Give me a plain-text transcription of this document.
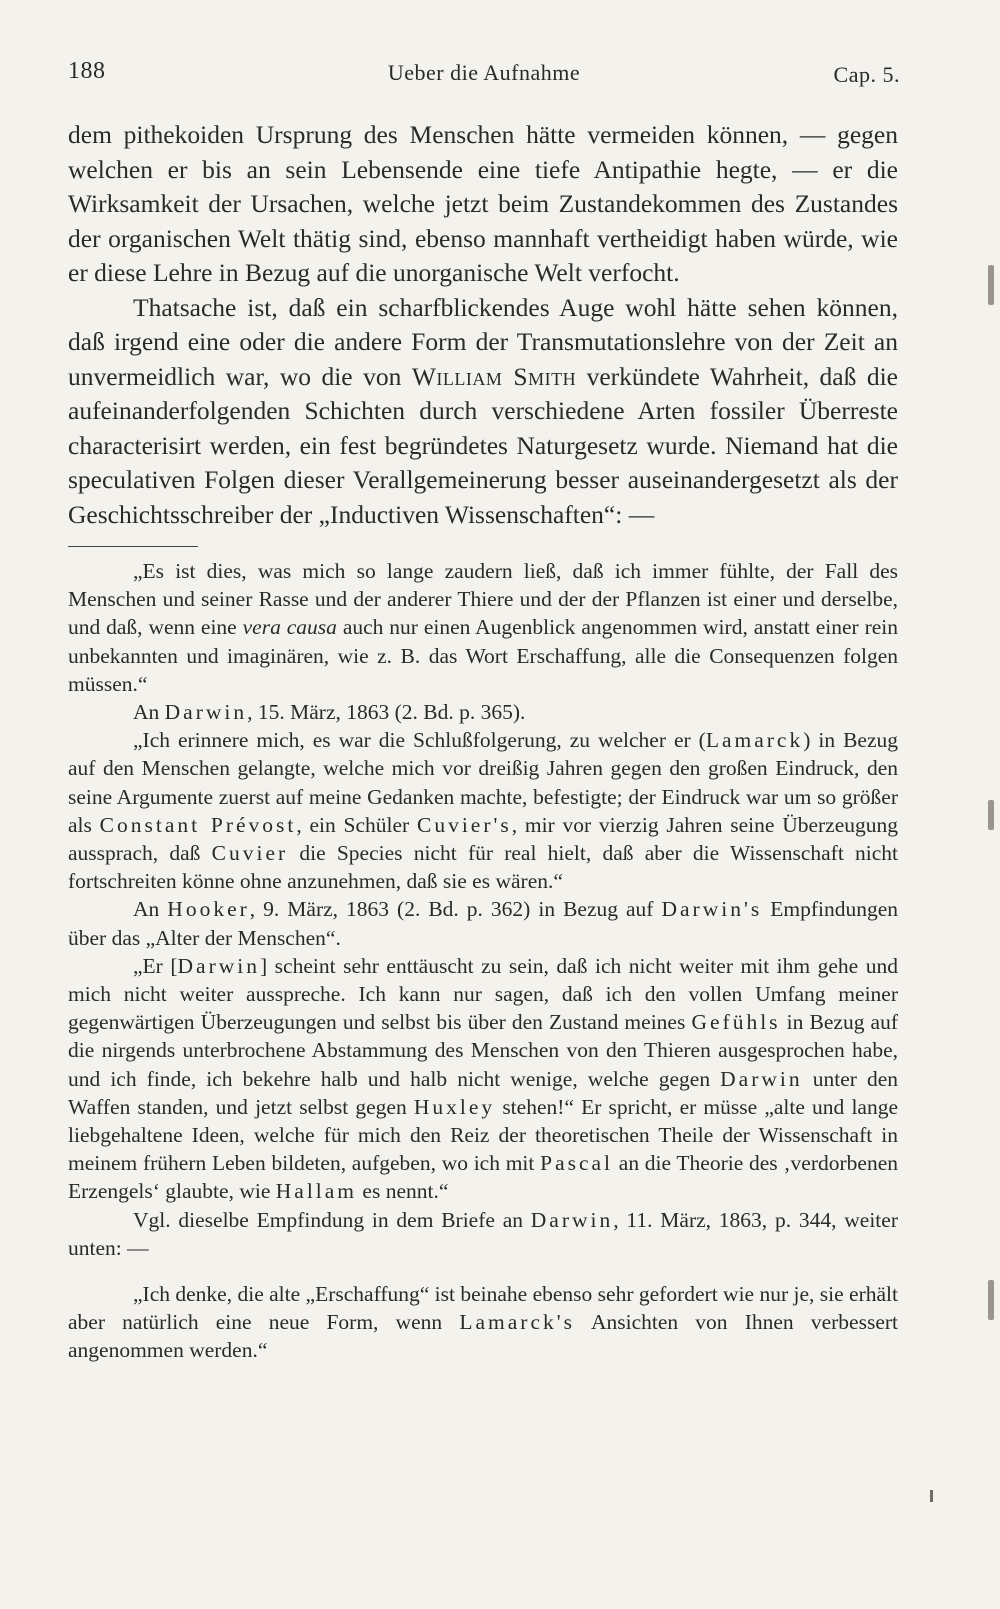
188	Ueber die Aufnahme	Cap. 5.

dem pithekoiden Ursprung des Menschen hätte vermeiden können, — gegen welchen er bis an sein Lebensende eine tiefe Antipathie hegte, — er die Wirksamkeit der Ursachen, welche jetzt beim Zustandekommen des Zustandes der organischen Welt thätig sind, ebenso mannhaft vertheidigt haben würde, wie er diese Lehre in Bezug auf die unorganische Welt verfocht.

Thatsache ist, daß ein scharfblickendes Auge wohl hätte sehen können, daß irgend eine oder die andere Form der Transmutationslehre von der Zeit an unvermeidlich war, wo die von William Smith verkündete Wahrheit, daß die aufeinanderfolgenden Schichten durch verschiedene Arten fossiler Überreste characterisirt werden, ein fest begründetes Naturgesetz wurde. Niemand hat die speculativen Folgen dieser Verallgemeinerung besser auseinandergesetzt als der Geschichtsschreiber der „Inductiven Wissenschaften“: —

„Es ist dies, was mich so lange zaudern ließ, daß ich immer fühlte, der Fall des Menschen und seiner Rasse und der anderer Thiere und der der Pflanzen ist einer und derselbe, und daß, wenn eine vera causa auch nur einen Augenblick angenommen wird, anstatt einer rein unbekannten und imaginären, wie z. B. das Wort Erschaffung, alle die Consequenzen folgen müssen.“

An Darwin, 15. März, 1863 (2. Bd. p. 365).

„Ich erinnere mich, es war die Schlußfolgerung, zu welcher er (Lamarck) in Bezug auf den Menschen gelangte, welche mich vor dreißig Jahren gegen den großen Eindruck, den seine Argumente zuerst auf meine Gedanken machte, befestigte; der Eindruck war um so größer als Constant Prévost, ein Schüler Cuvier's, mir vor vierzig Jahren seine Überzeugung aussprach, daß Cuvier die Species nicht für real hielt, daß aber die Wissenschaft nicht fortschreiten könne ohne anzunehmen, daß sie es wären.“

An Hooker, 9. März, 1863 (2. Bd. p. 362) in Bezug auf Darwin's Empfindungen über das „Alter der Menschen“.

„Er [Darwin] scheint sehr enttäuscht zu sein, daß ich nicht weiter mit ihm gehe und mich nicht weiter ausspreche. Ich kann nur sagen, daß ich den vollen Umfang meiner gegenwärtigen Überzeugungen und selbst bis über den Zustand meines Gefühls in Bezug auf die nirgends unterbrochene Abstammung des Menschen von den Thieren ausgesprochen habe, und ich finde, ich bekehre halb und halb nicht wenige, welche gegen Darwin unter den Waffen standen, und jetzt selbst gegen Huxley stehen!“ Er spricht, er müsse „alte und lange liebgehaltene Ideen, welche für mich den Reiz der theoretischen Theile der Wissenschaft in meinem frühern Leben bildeten, aufgeben, wo ich mit Pascal an die Theorie des ‚verdorbenen Erzengels‘ glaubte, wie Hallam es nennt.“

Vgl. dieselbe Empfindung in dem Briefe an Darwin, 11. März, 1863, p. 344, weiter unten: —

„Ich denke, die alte „Erschaffung“ ist beinahe ebenso sehr gefordert wie nur je, sie erhält aber natürlich eine neue Form, wenn Lamarck's Ansichten von Ihnen verbessert angenommen werden.“
